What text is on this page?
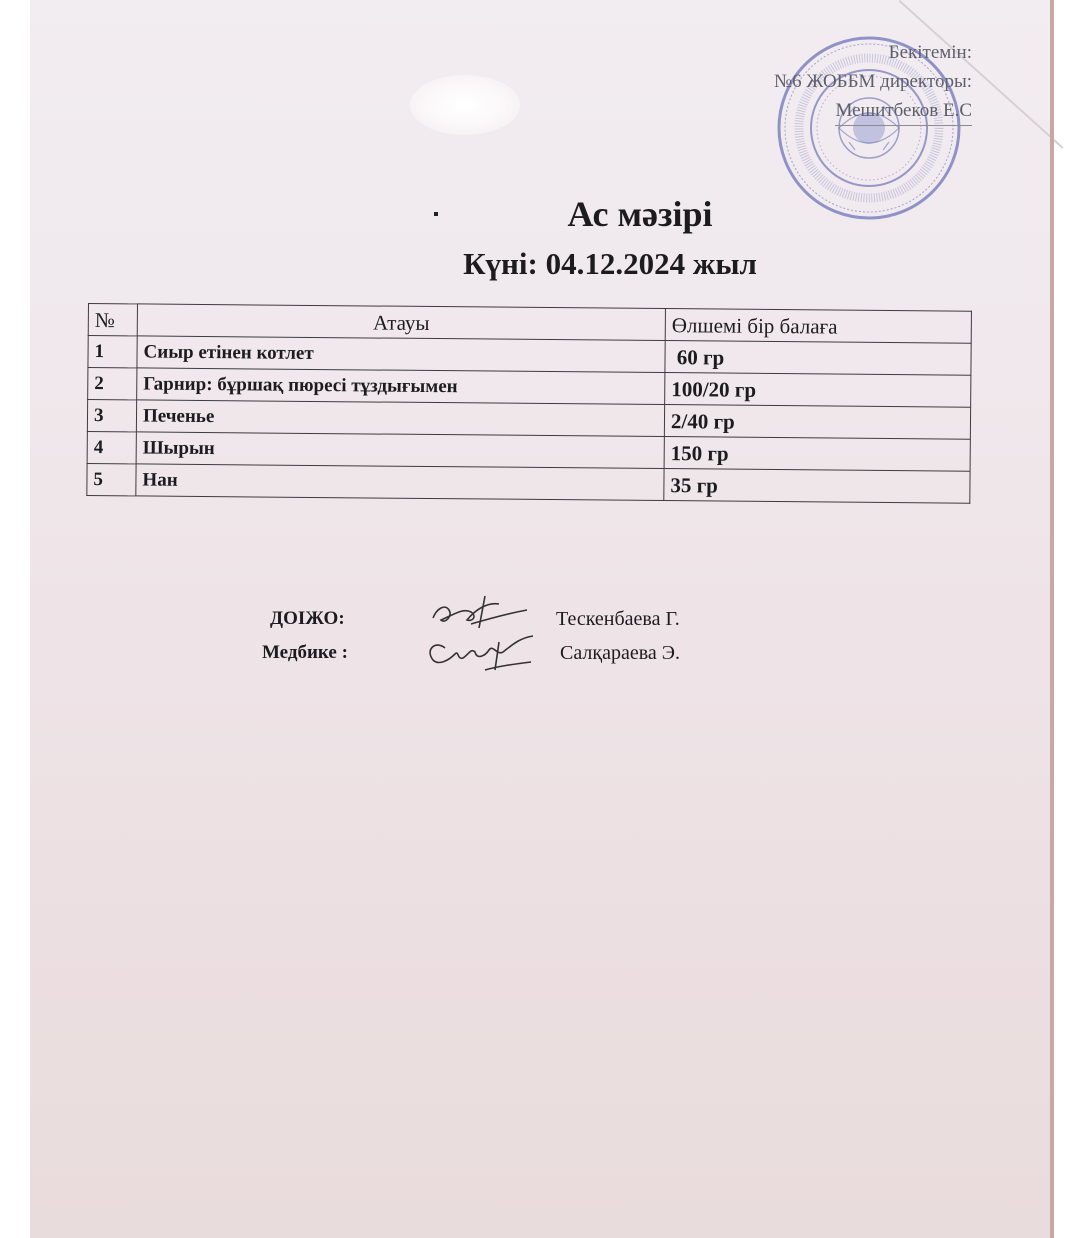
Бекітемін:
№6 ЖОББМ директоры:
Мешитбеков Е.С
Ас мәзірі
Күні: 04.12.2024 жыл
№	Атауы	Өлшемі бір балаға
1	Сиыр етінен котлет	60 гр
2	Гарнир: бұршақ пюресі тұздығымен	100/20 гр
3	Печенье	2/40 гр
4	Шырын	150 гр
5	Нан	35 гр
ДОІЖО:	Тескенбаева Г.
Медбике :	Салқараева Э.
